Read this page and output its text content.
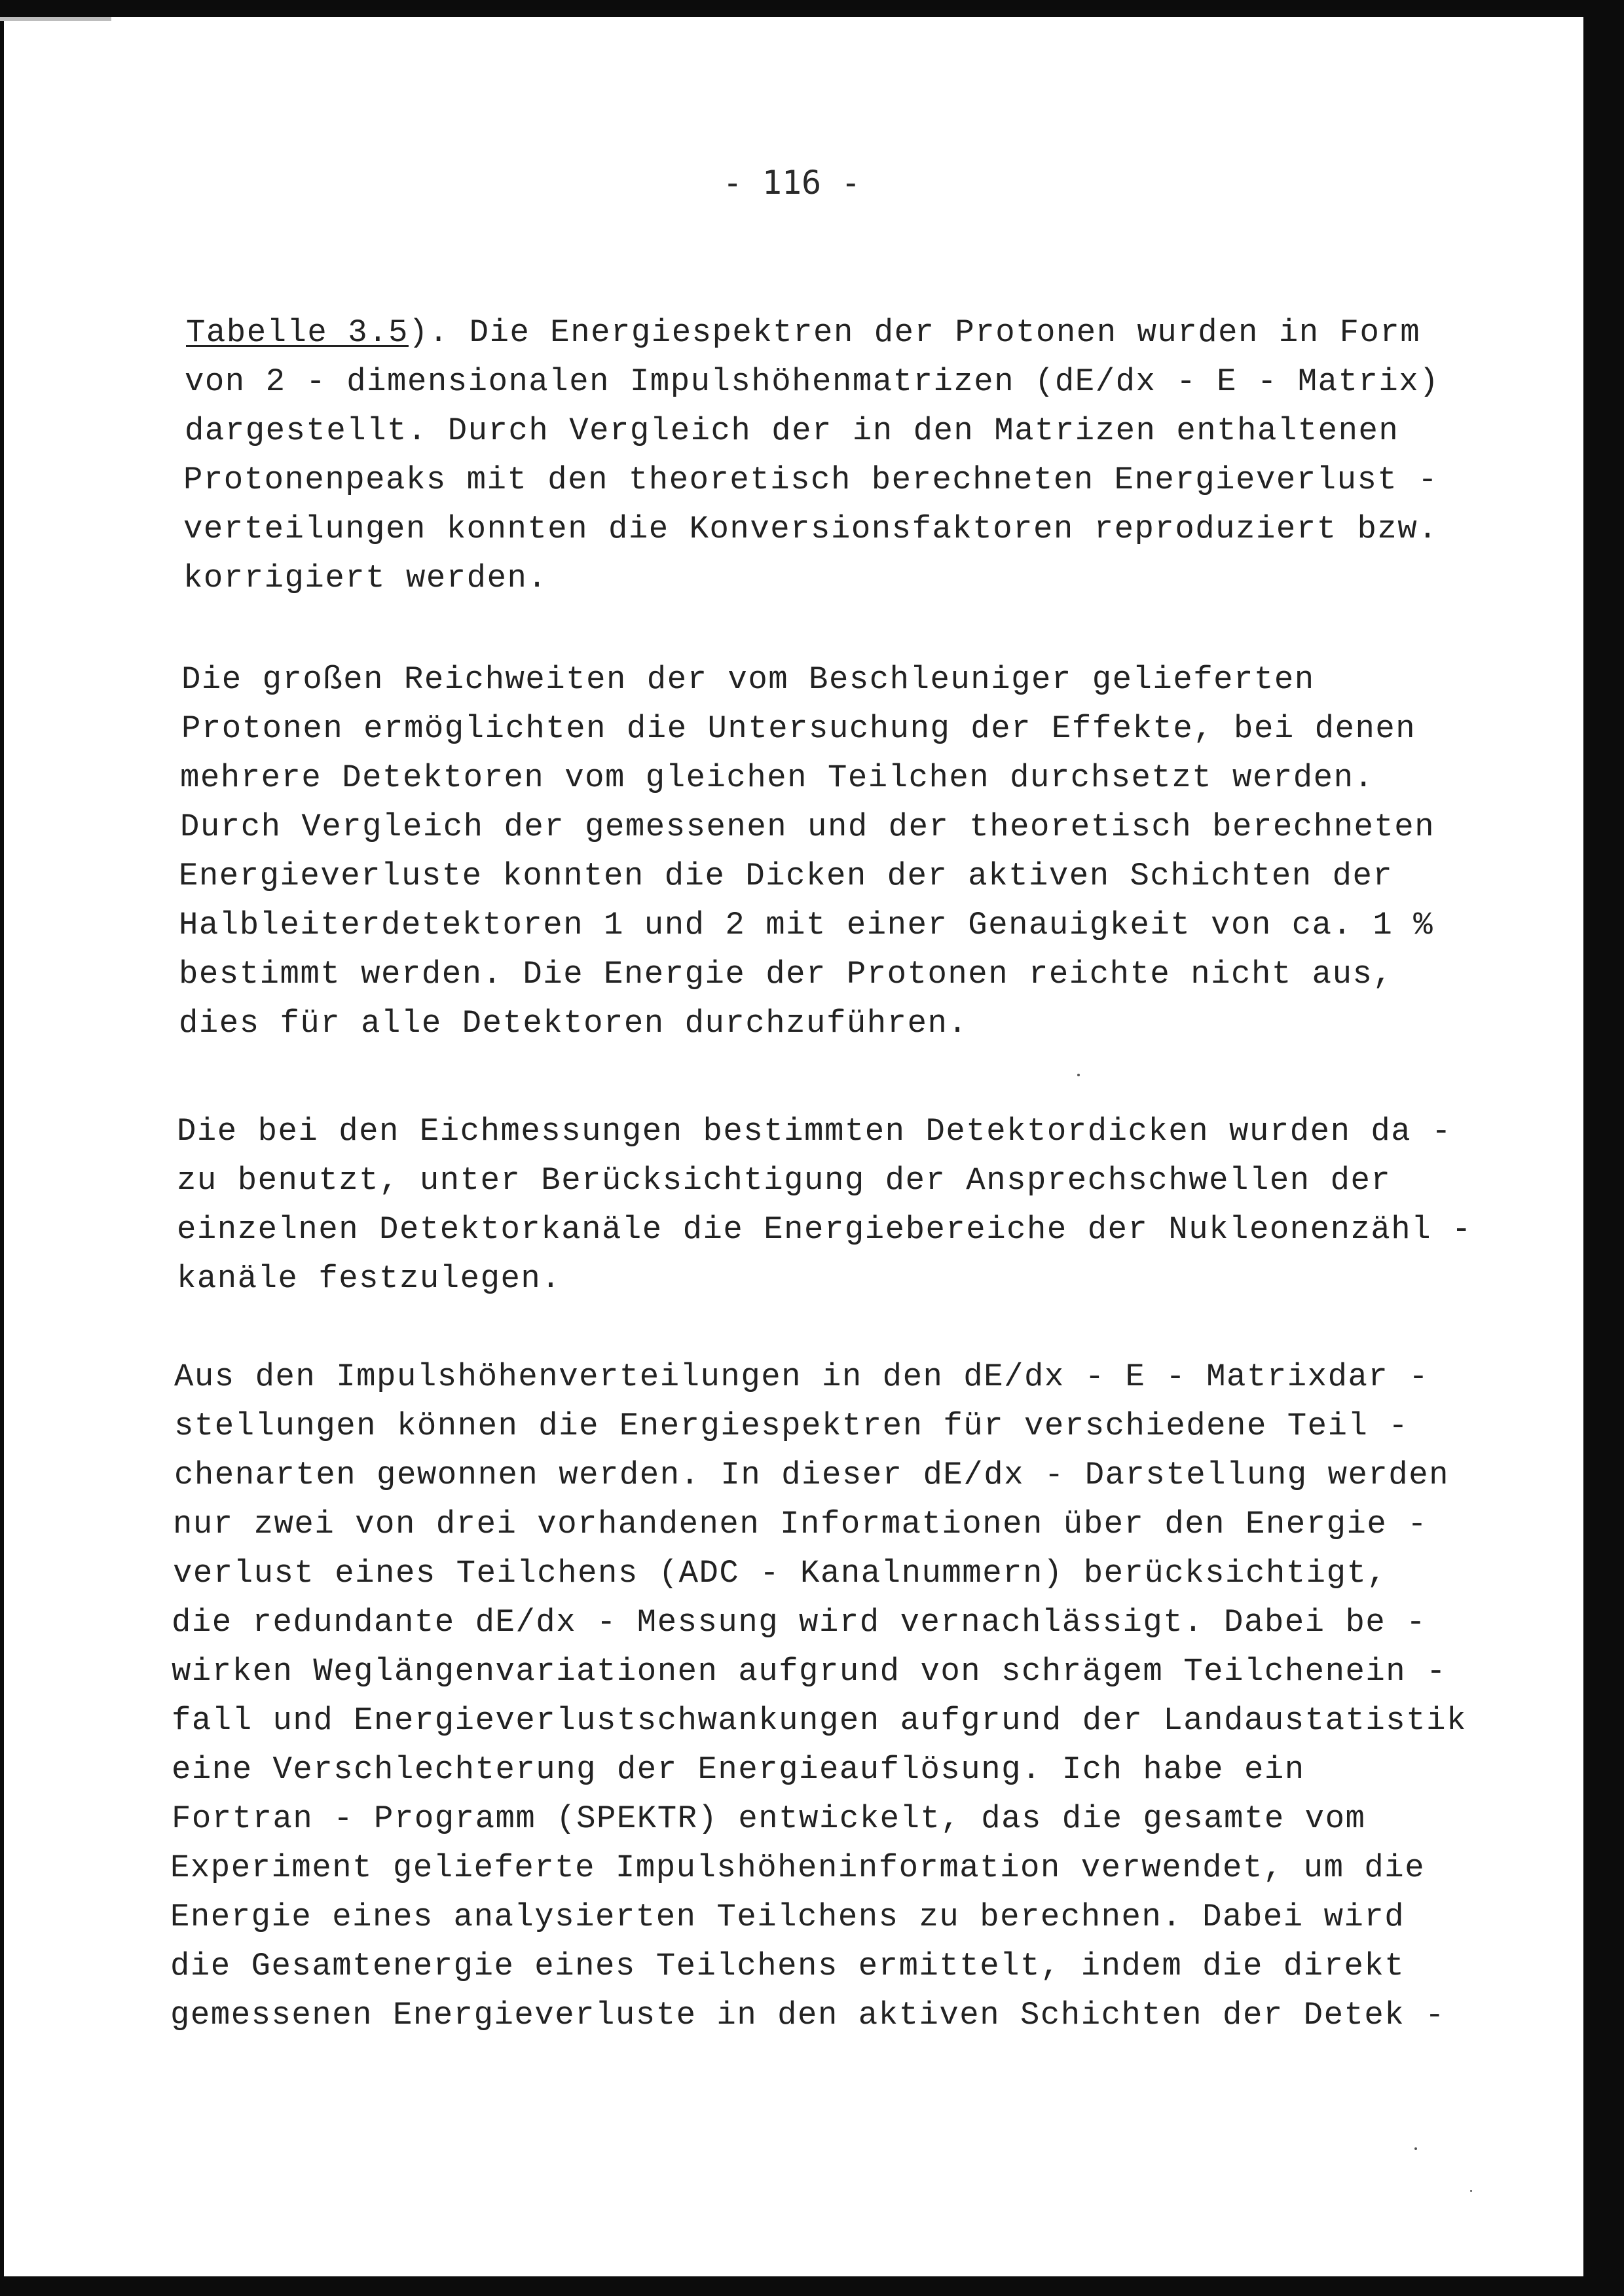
- 116 -

Tabelle 3.5). Die Energiespektren der Protonen wurden in Form

von 2 - dimensionalen Impulshöhenmatrizen (dE/dx - E - Matrix)

dargestellt. Durch Vergleich der in den Matrizen enthaltenen

Protonenpeaks mit den theoretisch berechneten Energieverlust -

verteilungen konnten die Konversionsfaktoren reproduziert bzw.

korrigiert werden.

Die großen Reichweiten der vom Beschleuniger gelieferten

Protonen ermöglichten die Untersuchung der Effekte, bei denen

mehrere Detektoren vom gleichen Teilchen durchsetzt werden.

Durch Vergleich der gemessenen und der theoretisch berechneten

Energieverluste konnten die Dicken der aktiven Schichten der

Halbleiterdetektoren 1 und 2 mit einer Genauigkeit von ca. 1 %

bestimmt werden. Die Energie der Protonen reichte nicht aus,

dies für alle Detektoren durchzuführen.

Die bei den Eichmessungen bestimmten Detektordicken wurden da -

zu benutzt, unter Berücksichtigung der Ansprechschwellen der

einzelnen Detektorkanäle die Energiebereiche der Nukleonenzähl -

kanäle festzulegen.

Aus den Impulshöhenverteilungen in den dE/dx - E - Matrixdar -

stellungen können die Energiespektren für verschiedene Teil -

chenarten gewonnen werden. In dieser dE/dx - Darstellung werden

nur zwei von drei vorhandenen Informationen über den Energie -

verlust eines Teilchens (ADC - Kanalnummern) berücksichtigt,

die redundante dE/dx - Messung wird vernachlässigt. Dabei be -

wirken Weglängenvariationen aufgrund von schrägem Teilchenein -

fall und Energieverlustschwankungen aufgrund der Landaustatistik

eine Verschlechterung der Energieauflösung. Ich habe ein

Fortran - Programm (SPEKTR) entwickelt, das die gesamte vom

Experiment gelieferte Impulshöheninformation verwendet, um die

Energie eines analysierten Teilchens zu berechnen. Dabei wird

die Gesamtenergie eines Teilchens ermittelt, indem die direkt

gemessenen Energieverluste in den aktiven Schichten der Detek -
